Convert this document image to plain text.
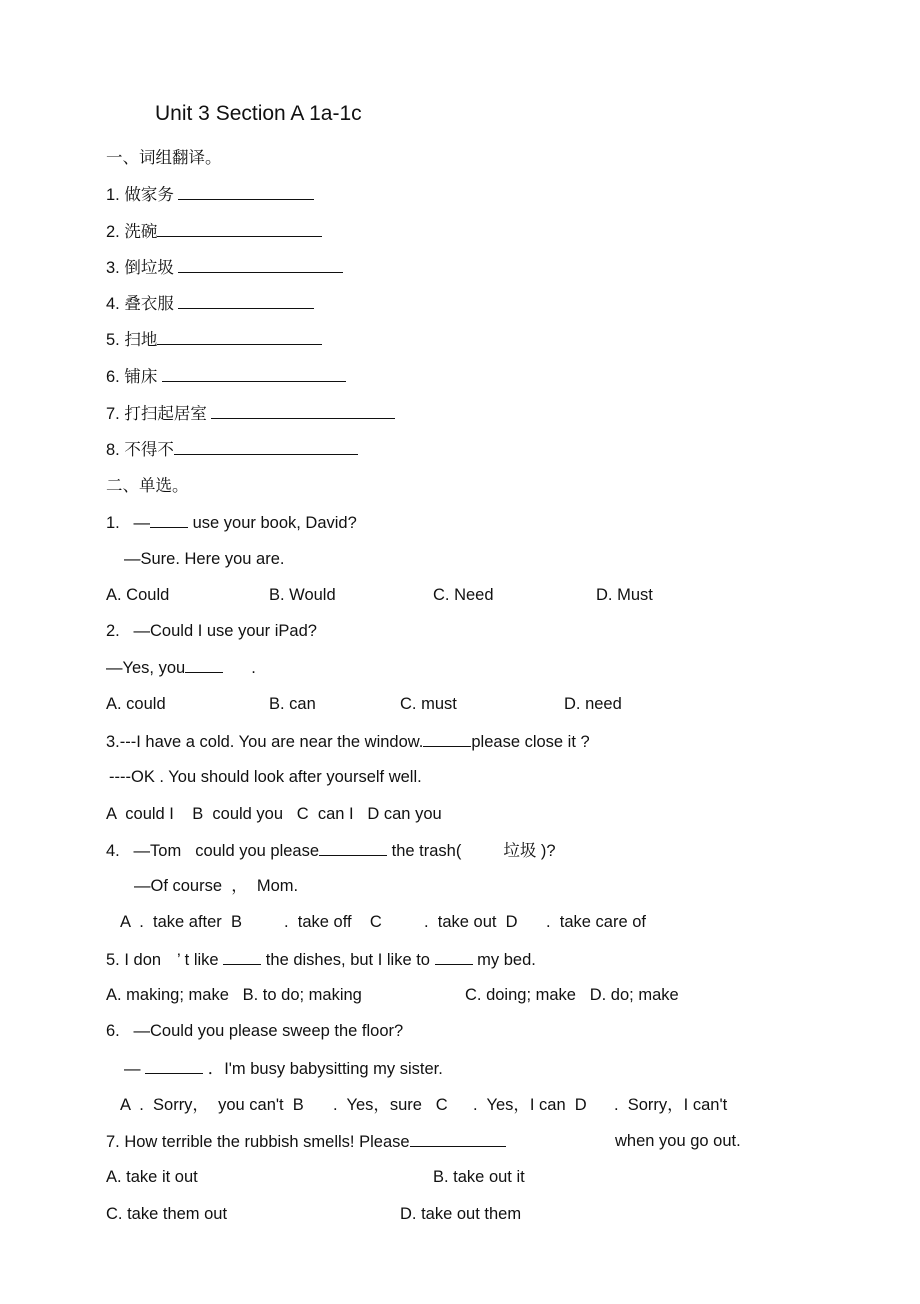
Unit 3 Section A 1a-1c
一、词组翻译。
1. 做家务
2. 洗碗
3. 倒垃圾
4. 叠衣服
5. 扫地
6. 铺床
7. 打扫起居室
8. 不得不
二、单选。
1.   — use your book, David?
—Sure. Here you are.
A. Could	B. Would	C. Need	D. Must
2.   —Could I use your iPad?
—Yes, you	.
A. could	B. can	C. must	D. need
3.---I have a cold. You are near the window.	please close it ?
----OK . You should look after yourself well.
A  could I    B  could you   C  can I   D can you
4.   —Tom could you please	the trash(	垃圾 )?
—Of course  ，  Mom.
A  .  take after  B	.  take off    C	.  take out  D .  take care of
5. I don ’ t like	the dishes, but I like to	my bed.
A. making; make   B. to do; making	C. doing; make   D. do; make
6.   —Could you please sweep the floor?
—	．I'm busy babysitting my sister.
A  .  Sorry，  you can't  B .  Yes，sure   C .  Yes，I can  D .  Sorry，I can't
7. How terrible the rubbish smells! Please	when you go out.
A. take it out	B. take out it
C. take them out	D. take out them
